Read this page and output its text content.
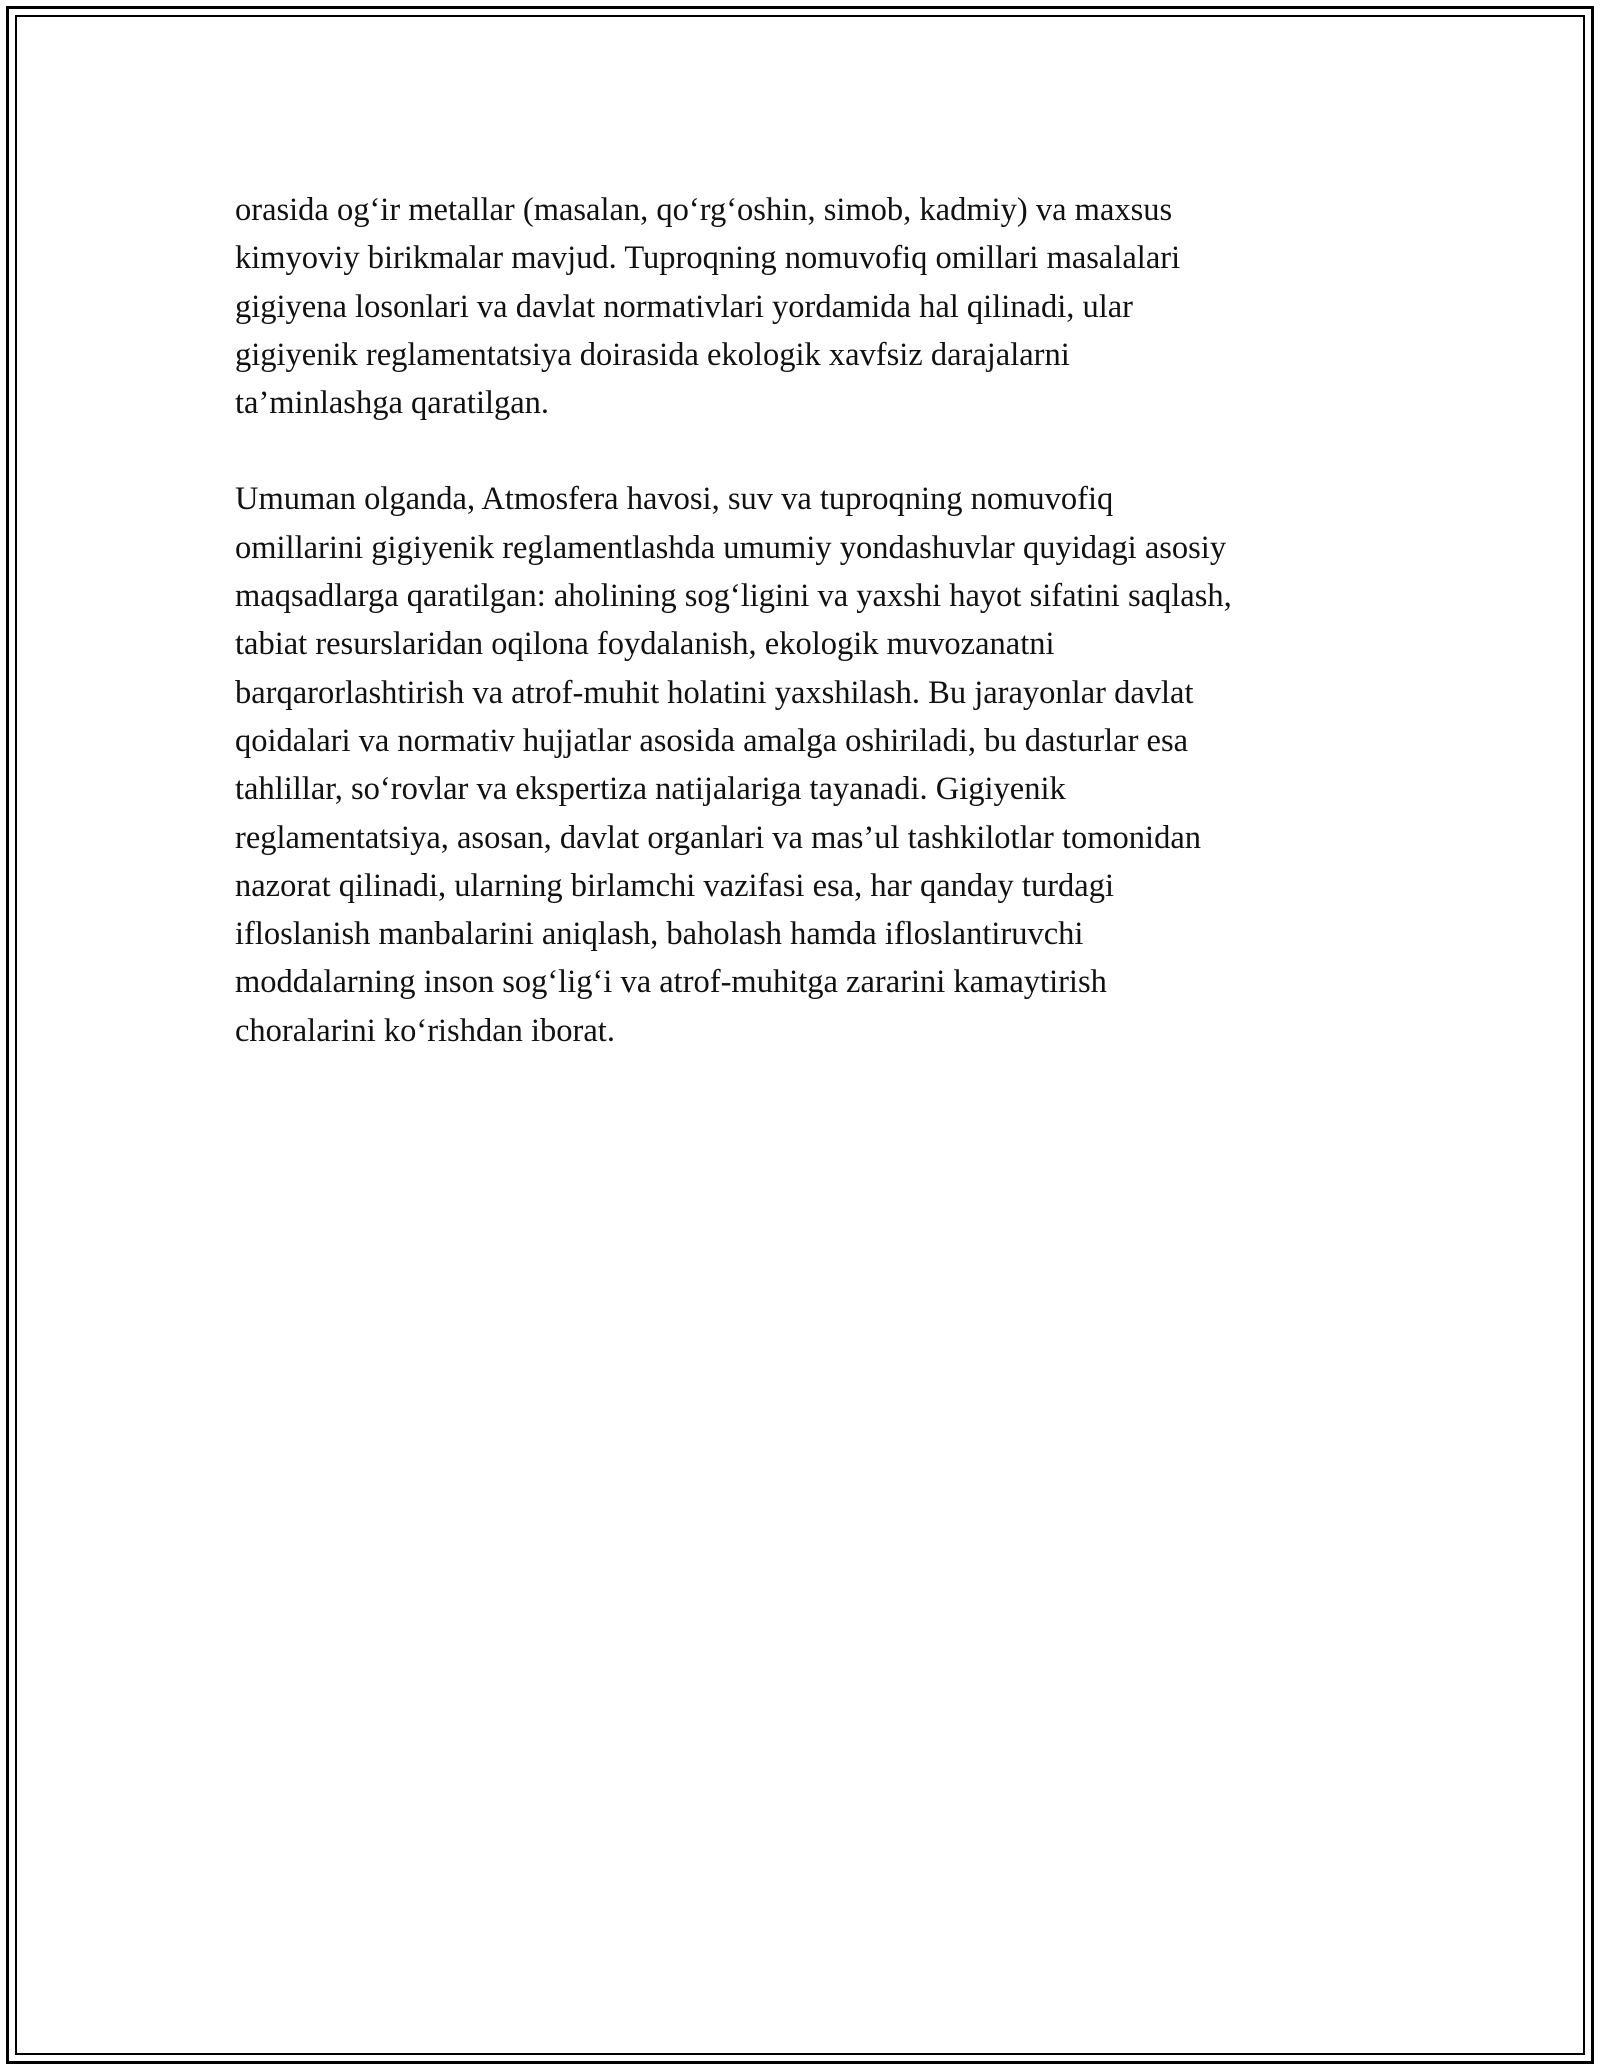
orasida og‘ir metallar (masalan, qo‘rg‘oshin, simob, kadmiy) va maxsus
kimyoviy birikmalar mavjud. Tuproqning nomuvofiq omillari masalalari
gigiyena losonlari va davlat normativlari yordamida hal qilinadi, ular
gigiyenik reglamentatsiya doirasida ekologik xavfsiz darajalarni
ta’minlashga qaratilgan.

Umuman olganda, Atmosfera havosi, suv va tuproqning nomuvofiq
omillarini gigiyenik reglamentlashda umumiy yondashuvlar quyidagi asosiy
maqsadlarga qaratilgan: aholining sog‘ligini va yaxshi hayot sifatini saqlash,
tabiat resurslaridan oqilona foydalanish, ekologik muvozanatni
barqarorlashtirish va atrof-muhit holatini yaxshilash. Bu jarayonlar davlat
qoidalari va normativ hujjatlar asosida amalga oshiriladi, bu dasturlar esa
tahlillar, so‘rovlar va ekspertiza natijalariga tayanadi. Gigiyenik
reglamentatsiya, asosan, davlat organlari va mas’ul tashkilotlar tomonidan
nazorat qilinadi, ularning birlamchi vazifasi esa, har qanday turdagi
ifloslanish manbalarini aniqlash, baholash hamda ifloslantiruvchi
moddalarning inson sog‘lig‘i va atrof-muhitga zararini kamaytirish
choralarini ko‘rishdan iborat.
